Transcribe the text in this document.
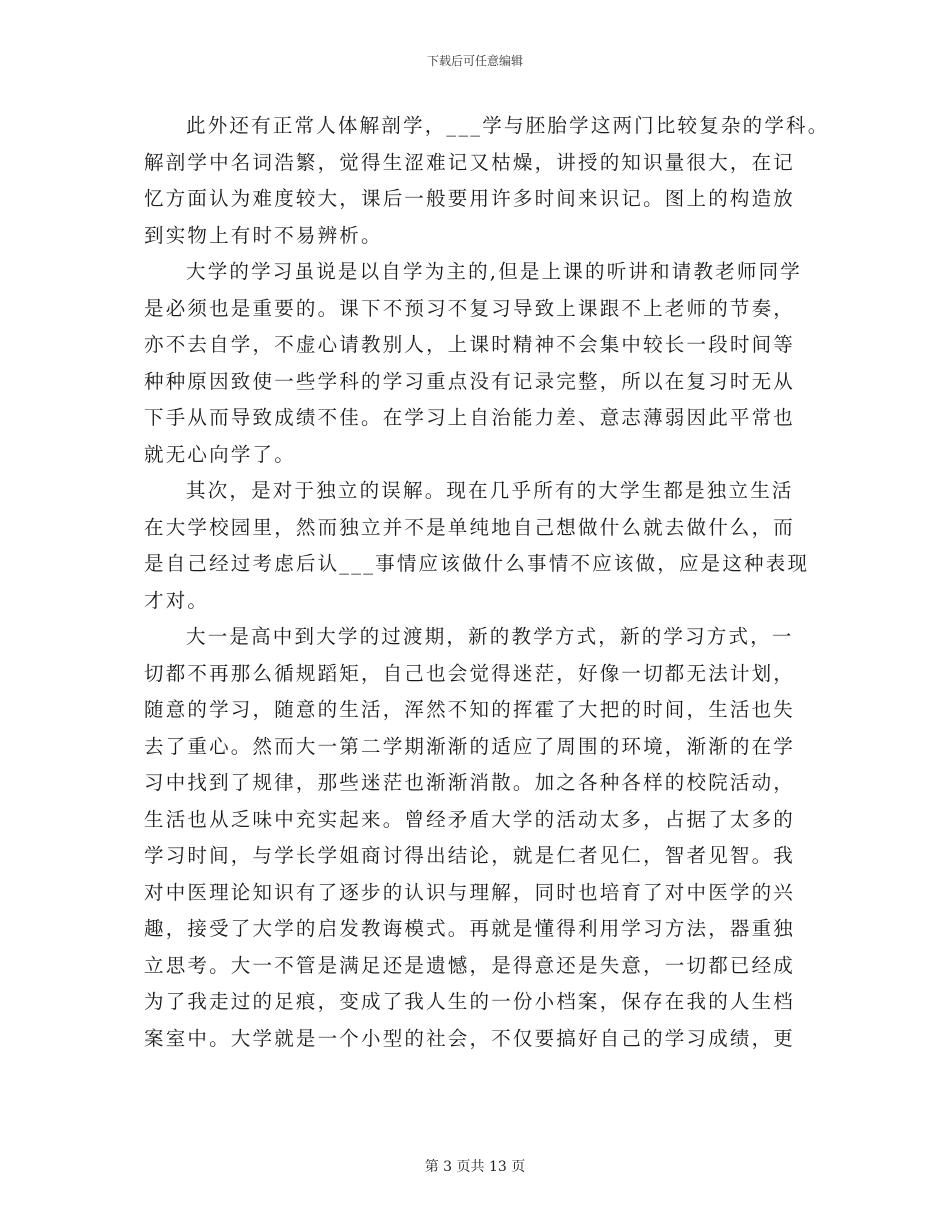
下载后可任意编辑
此外还有正常人体解剖学，___学与胚胎学这两门比较复杂的学科。
解剖学中名词浩繁，觉得生涩难记又枯燥，讲授的知识量很大，在记
忆方面认为难度较大，课后一般要用许多时间来识记。图上的构造放
到实物上有时不易辨析。
大学的学习虽说是以自学为主的,但是上课的听讲和请教老师同学
是必须也是重要的。课下不预习不复习导致上课跟不上老师的节奏，
亦不去自学，不虚心请教别人，上课时精神不会集中较长一段时间等
种种原因致使一些学科的学习重点没有记录完整，所以在复习时无从
下手从而导致成绩不佳。在学习上自治能力差、意志薄弱因此平常也
就无心向学了。
其次，是对于独立的误解。现在几乎所有的大学生都是独立生活
在大学校园里，然而独立并不是单纯地自己想做什么就去做什么，而
是自己经过考虑后认___事情应该做什么事情不应该做，应是这种表现
才对。
大一是高中到大学的过渡期，新的教学方式，新的学习方式，一
切都不再那么循规蹈矩，自己也会觉得迷茫，好像一切都无法计划，
随意的学习，随意的生活，浑然不知的挥霍了大把的时间，生活也失
去了重心。然而大一第二学期渐渐的适应了周围的环境，渐渐的在学
习中找到了规律，那些迷茫也渐渐消散。加之各种各样的校院活动，
生活也从乏味中充实起来。曾经矛盾大学的活动太多，占据了太多的
学习时间，与学长学姐商讨得出结论，就是仁者见仁，智者见智。我
对中医理论知识有了逐步的认识与理解，同时也培育了对中医学的兴
趣，接受了大学的启发教诲模式。再就是懂得利用学习方法，器重独
立思考。大一不管是满足还是遗憾，是得意还是失意，一切都已经成
为了我走过的足痕，变成了我人生的一份小档案，保存在我的人生档
案室中。大学就是一个小型的社会，不仅要搞好自己的学习成绩，更
第 3 页共 13 页
